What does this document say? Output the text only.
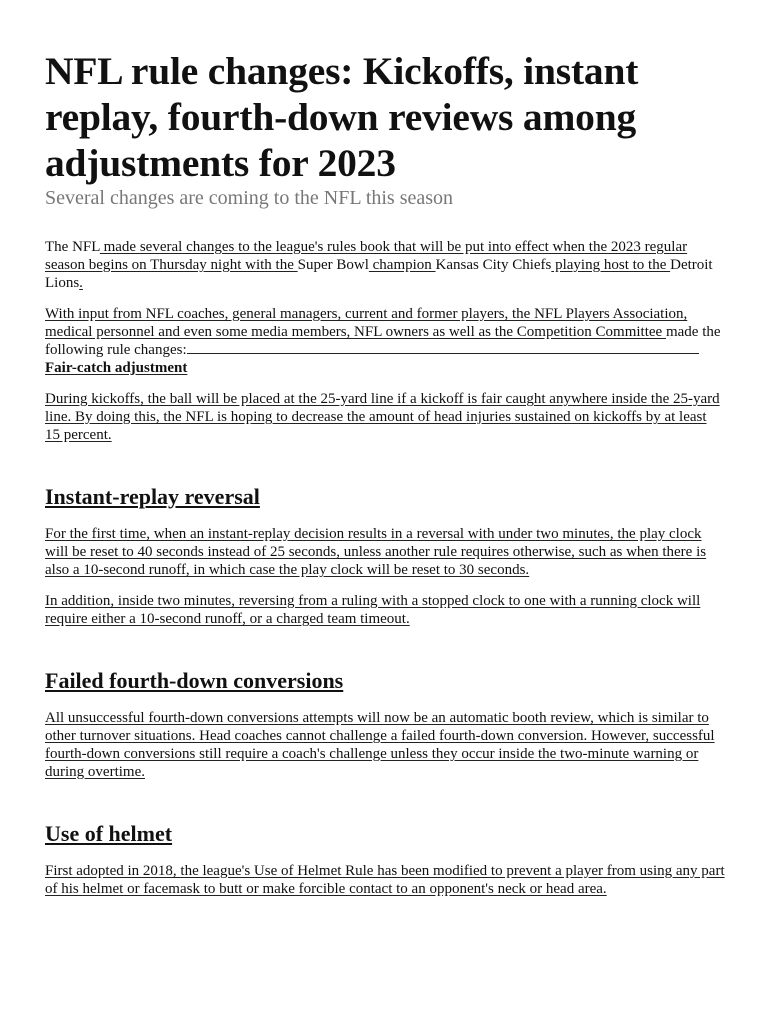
NFL rule changes: Kickoffs, instant replay, fourth-down reviews among adjustments for 2023
Several changes are coming to the NFL this season

The NFL made several changes to the league's rules book that will be put into effect when the 2023 regular season begins on Thursday night with the Super Bowl champion Kansas City Chiefs playing host to the Detroit Lions.

With input from NFL coaches, general managers, current and former players, the NFL Players Association, medical personnel and even some media members, NFL owners as well as the Competition Committee made the following rule changes:

Fair-catch adjustment

During kickoffs, the ball will be placed at the 25-yard line if a kickoff is fair caught anywhere inside the 25-yard line. By doing this, the NFL is hoping to decrease the amount of head injuries sustained on kickoffs by at least 15 percent.

Instant-replay reversal

For the first time, when an instant-replay decision results in a reversal with under two minutes, the play clock will be reset to 40 seconds instead of 25 seconds, unless another rule requires otherwise, such as when there is also a 10-second runoff, in which case the play clock will be reset to 30 seconds.

In addition, inside two minutes, reversing from a ruling with a stopped clock to one with a running clock will require either a 10-second runoff, or a charged team timeout.

Failed fourth-down conversions

All unsuccessful fourth-down conversions attempts will now be an automatic booth review, which is similar to other turnover situations. Head coaches cannot challenge a failed fourth-down conversion. However, successful fourth-down conversions still require a coach's challenge unless they occur inside the two-minute warning or during overtime.

Use of helmet

First adopted in 2018, the league's Use of Helmet Rule has been modified to prevent a player from using any part of his helmet or facemask to butt or make forcible contact to an opponent's neck or head area.
